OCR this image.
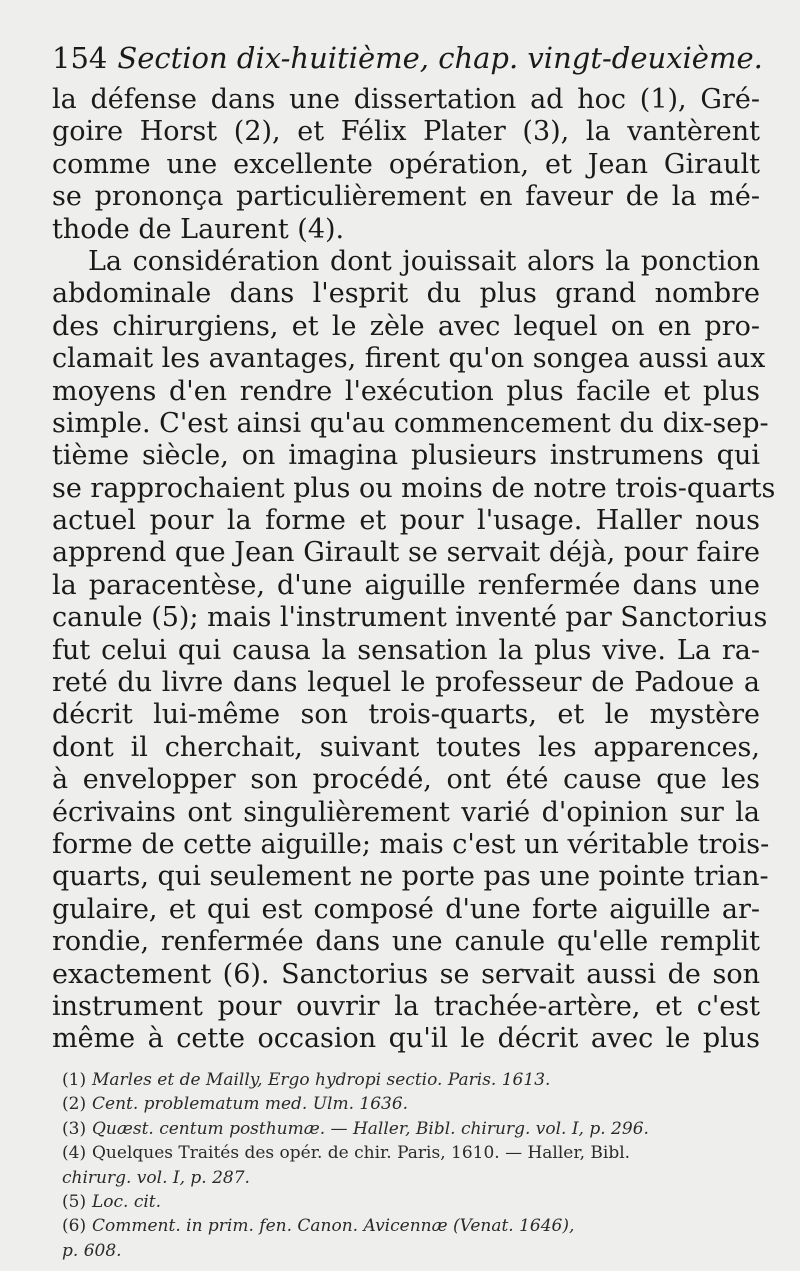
154 Section dix-huitième, chap. vingt-deuxième.
la défense dans une dissertation ad hoc (1), Gré-
goire Horst (2), et Félix Plater (3), la vantèrent
comme une excellente opération, et Jean Girault
se prononça particulièrement en faveur de la mé-
thode de Laurent (4).
La considération dont jouissait alors la ponction
abdominale dans l'esprit du plus grand nombre
des chirurgiens, et le zèle avec lequel on en pro-
clamait les avantages, firent qu'on songea aussi aux
moyens d'en rendre l'exécution plus facile et plus
simple. C'est ainsi qu'au commencement du dix-sep-
tième siècle, on imagina plusieurs instrumens qui
se rapprochaient plus ou moins de notre trois-quarts
actuel pour la forme et pour l'usage. Haller nous
apprend que Jean Girault se servait déjà, pour faire
la paracentèse, d'une aiguille renfermée dans une
canule (5); mais l'instrument inventé par Sanctorius
fut celui qui causa la sensation la plus vive. La ra-
reté du livre dans lequel le professeur de Padoue a
décrit lui-même son trois-quarts, et le mystère
dont il cherchait, suivant toutes les apparences,
à envelopper son procédé, ont été cause que les
écrivains ont singulièrement varié d'opinion sur la
forme de cette aiguille; mais c'est un véritable trois-
quarts, qui seulement ne porte pas une pointe trian-
gulaire, et qui est composé d'une forte aiguille ar-
rondie, renfermée dans une canule qu'elle remplit
exactement (6). Sanctorius se servait aussi de son
instrument pour ouvrir la trachée-artère, et c'est
même à cette occasion qu'il le décrit avec le plus
(1) Marles et de Mailly, Ergo hydropi sectio. Paris. 1613.
(2) Cent. problematum med. Ulm. 1636.
(3) Quæst. centum posthumæ. — Haller, Bibl. chirurg. vol. I, p. 296.
(4) Quelques Traités des opér. de chir. Paris, 1610. — Haller, Bibl.
chirurg. vol. I, p. 287.
(5) Loc. cit.
(6) Comment. in prim. fen. Canon. Avicennæ (Venat. 1646),
p. 608.
